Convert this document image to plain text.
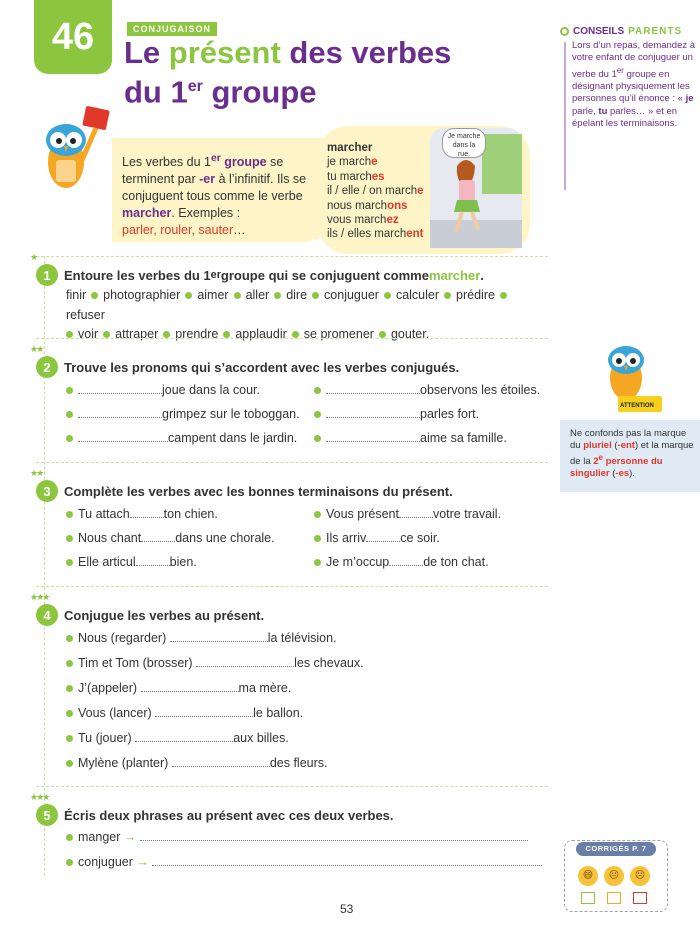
46	CONJUGAISON
Le présent des verbes
du 1er groupe
CONSEILS PARENTS
Lors d’un repas, demandez à votre enfant de conjuguer un verbe du 1er groupe en désignant physiquement les personnes qu’il énonce : « je parle, tu parles… » et en épelant les terminaisons.
Les verbes du 1er groupe se terminent par -er à l’infinitif. Ils se conjuguent tous comme le verbe marcher. Exemples :
parler, rouler, sauter…
marcher
je marche
tu marches
il / elle / on marche
nous marchons
vous marchez
ils / elles marchent
Je marche dans la rue.
★
1 Entoure les verbes du 1 er groupe qui se conjuguent comme marcher .
finir photographier aimer aller dire conjuguer calculer prédirerefuser
voir attraper prendre applaudir se promener gouter.
★★
2 Trouve les pronoms qui s’accordent avec les verbes conjugués.
joue dans la cour.
grimpez sur le toboggan.
campent dans le jardin.
observons les étoiles.
parles fort.
aime sa famille.
★★
3 Complète les verbes avec les bonnes terminaisons du présent.
Tu attach	ton chien.
Nous chant	dans une chorale.
Elle articul	bien.
Vous présent	votre travail.
Ils arriv	ce soir.
Je m’occup	de ton chat.
★★★
4 Conjugue les verbes au présent.
Nous (regarder)	la télévision.
Tim et Tom (brosser)	les chevaux.
J’(appeler)	ma mère.
Vous (lancer)	le ballon.
Tu (jouer)	aux billes.
Mylène (planter)	des fleurs.
★★★
5 Écris deux phrases au présent avec ces deux verbes.
manger →
conjuguer →
ATTENTION
Ne confonds pas la marque du pluriel (-ent) et la marque de la 2e personne du singulier (-es).
CORRIGÉS P. 7
😄	😐	☹
53
